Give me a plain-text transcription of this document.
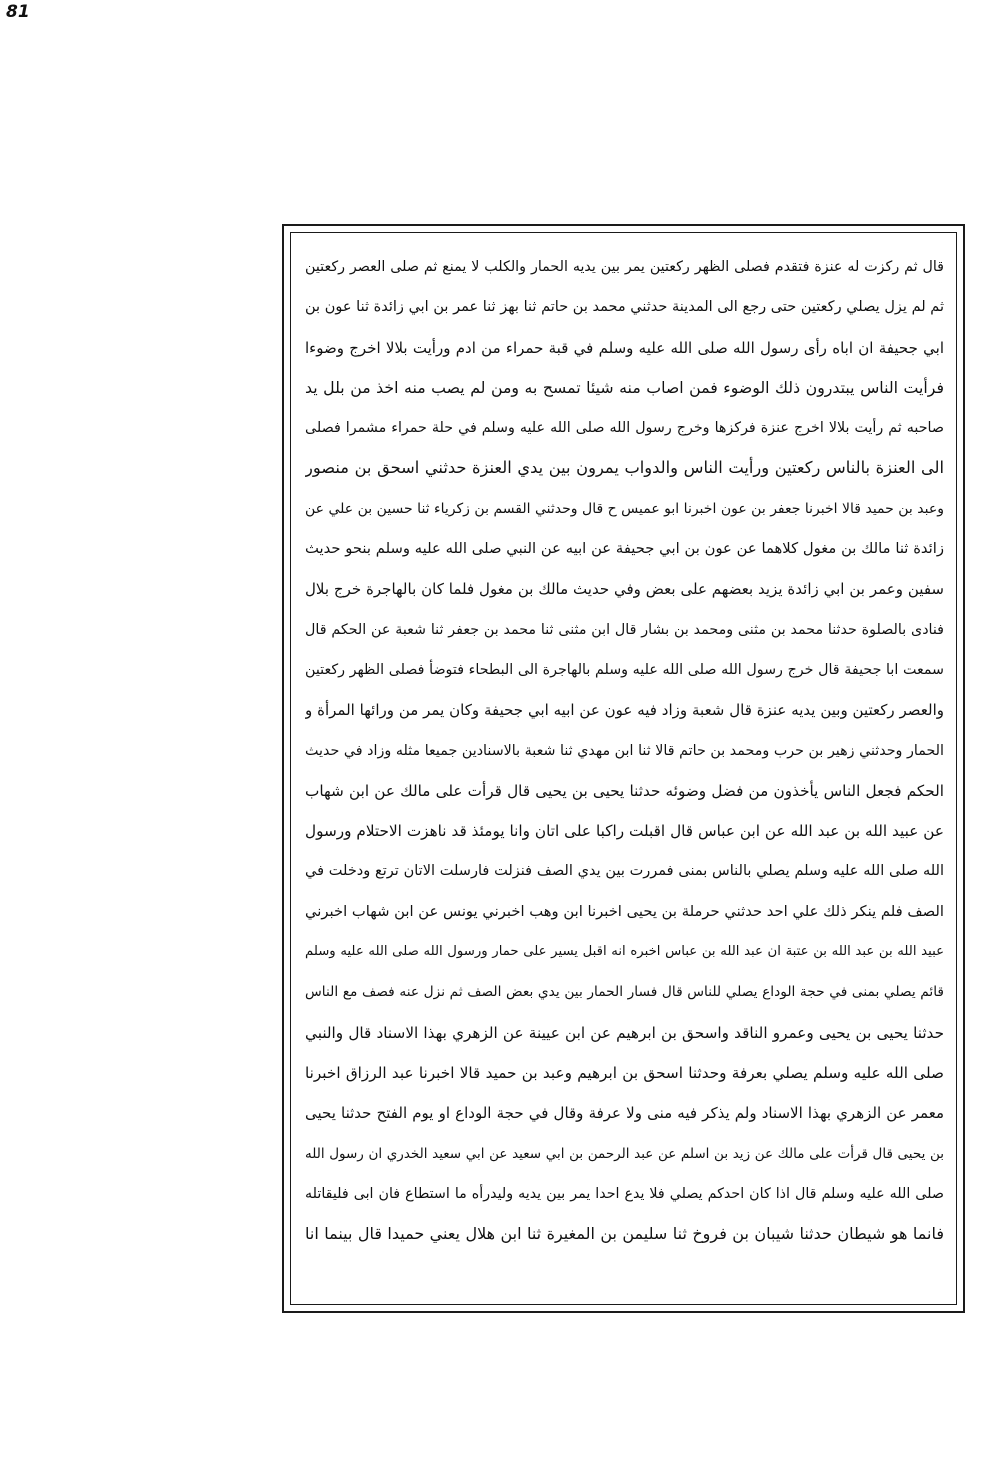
81
قال ثم ركزت له عنزة فتقدم فصلى الظهر ركعتين يمر بين يديه الحمار والكلب لا يمنع ثم صلى العصر ركعتين
ثم لم يزل يصلي ركعتين حتى رجع الى المدينة حدثني محمد بن حاتم ثنا بهز ثنا عمر بن ابي زائدة ثنا عون بن
ابي جحيفة ان اباه رأى رسول الله صلى الله عليه وسلم في قبة حمراء من ادم ورأيت بلالا اخرج وضوءا
فرأيت الناس يبتدرون ذلك الوضوء فمن اصاب منه شيئا تمسح به ومن لم يصب منه اخذ من بلل يد
صاحبه ثم رأيت بلالا اخرج عنزة فركزها وخرج رسول الله صلى الله عليه وسلم في حلة حمراء مشمرا فصلى
الى العنزة بالناس ركعتين ورأيت الناس والدواب يمرون بين يدي العنزة حدثني اسحق بن منصور
وعبد بن حميد قالا اخبرنا جعفر بن عون اخبرنا ابو عميس ح قال وحدثني القسم بن زكرياء ثنا حسين بن علي عن
زائدة ثنا مالك بن مغول كلاهما عن عون بن ابي جحيفة عن ابيه عن النبي صلى الله عليه وسلم بنحو حديث
سفين وعمر بن ابي زائدة يزيد بعضهم على بعض وفي حديث مالك بن مغول فلما كان بالهاجرة خرج بلال
فنادى بالصلوة حدثنا محمد بن مثنى ومحمد بن بشار قال ابن مثنى ثنا محمد بن جعفر ثنا شعبة عن الحكم قال
سمعت ابا جحيفة قال خرج رسول الله صلى الله عليه وسلم بالهاجرة الى البطحاء فتوضأ فصلى الظهر ركعتين
والعصر ركعتين وبين يديه عنزة قال شعبة وزاد فيه عون عن ابيه ابي جحيفة وكان يمر من ورائها المرأة و
الحمار وحدثني زهير بن حرب ومحمد بن حاتم قالا ثنا ابن مهدي ثنا شعبة بالاسنادين جميعا مثله وزاد في حديث
الحكم فجعل الناس يأخذون من فضل وضوئه حدثنا يحيى بن يحيى قال قرأت على مالك عن ابن شهاب
عن عبيد الله بن عبد الله عن ابن عباس قال اقبلت راكبا على اتان وانا يومئذ قد ناهزت الاحتلام ورسول
الله صلى الله عليه وسلم يصلي بالناس بمنى فمررت بين يدي الصف فنزلت فارسلت الاتان ترتع ودخلت في
الصف فلم ينكر ذلك علي احد حدثني حرملة بن يحيى اخبرنا ابن وهب اخبرني يونس عن ابن شهاب اخبرني
عبيد الله بن عبد الله بن عتبة ان عبد الله بن عباس اخبره انه اقبل يسير على حمار ورسول الله صلى الله عليه وسلم
قائم يصلي بمنى في حجة الوداع يصلي للناس قال فسار الحمار بين يدي بعض الصف ثم نزل عنه فصف مع الناس
حدثنا يحيى بن يحيى وعمرو الناقد واسحق بن ابرهيم عن ابن عيينة عن الزهري بهذا الاسناد قال والنبي
صلى الله عليه وسلم يصلي بعرفة وحدثنا اسحق بن ابرهيم وعبد بن حميد قالا اخبرنا عبد الرزاق اخبرنا
معمر عن الزهري بهذا الاسناد ولم يذكر فيه منى ولا عرفة وقال في حجة الوداع او يوم الفتح حدثنا يحيى
بن يحيى قال قرأت على مالك عن زيد بن اسلم عن عبد الرحمن بن ابي سعيد عن ابي سعيد الخدري ان رسول الله
صلى الله عليه وسلم قال اذا كان احدكم يصلي فلا يدع احدا يمر بين يديه وليدرأه ما استطاع فان ابى فليقاتله
فانما هو شيطان حدثنا شيبان بن فروخ ثنا سليمن بن المغيرة ثنا ابن هلال يعني حميدا قال بينما انا
